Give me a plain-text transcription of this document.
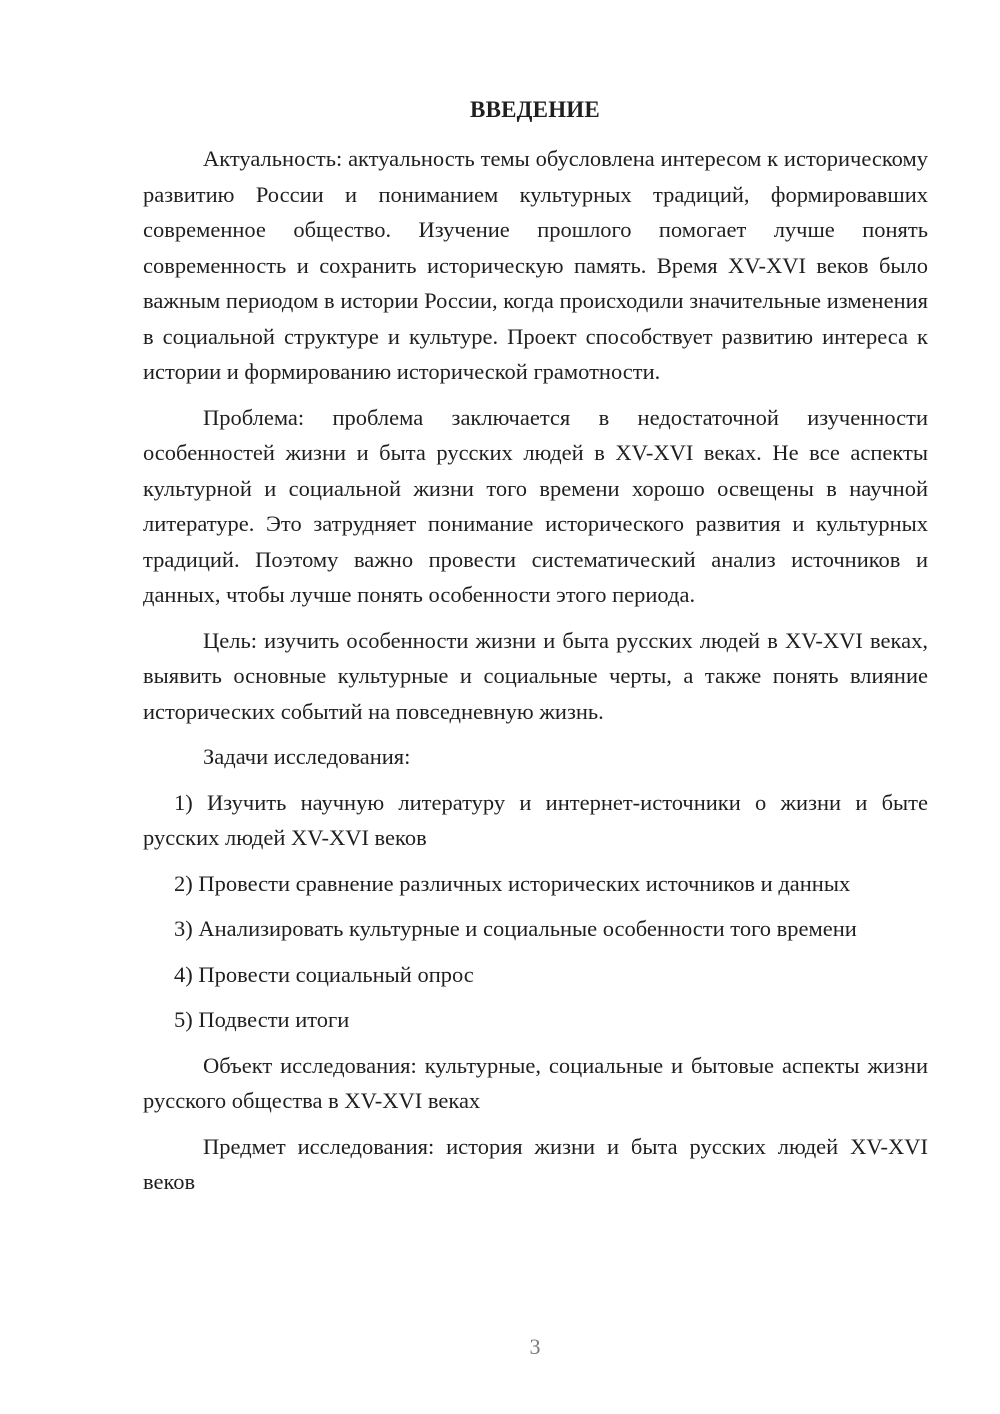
ВВЕДЕНИЕ

Актуальность: актуальность темы обусловлена интересом к историческому развитию России и пониманием культурных традиций, формировавших современное общество. Изучение прошлого помогает лучше понять современность и сохранить историческую память. Время XV-XVI веков было важным периодом в истории России, когда происходили значительные изменения в социальной структуре и культуре. Проект способствует развитию интереса к истории и формированию исторической грамотности.

Проблема: проблема заключается в недостаточной изученности особенностей жизни и быта русских людей в XV-XVI веках. Не все аспекты культурной и социальной жизни того времени хорошо освещены в научной литературе. Это затрудняет понимание исторического развития и культурных традиций. Поэтому важно провести систематический анализ источников и данных, чтобы лучше понять особенности этого периода.

Цель: изучить особенности жизни и быта русских людей в XV-XVI веках, выявить основные культурные и социальные черты, а также понять влияние исторических событий на повседневную жизнь.

Задачи исследования:

1) Изучить научную литературу и интернет-источники о жизни и быте русских людей XV-XVI веков

2) Провести сравнение различных исторических источников и данных

3) Анализировать культурные и социальные особенности того времени

4) Провести социальный опрос

5) Подвести итоги

Объект исследования: культурные, социальные и бытовые аспекты жизни русского общества в XV-XVI веках

Предмет исследования: история жизни и быта русских людей XV-XVI веков

3
